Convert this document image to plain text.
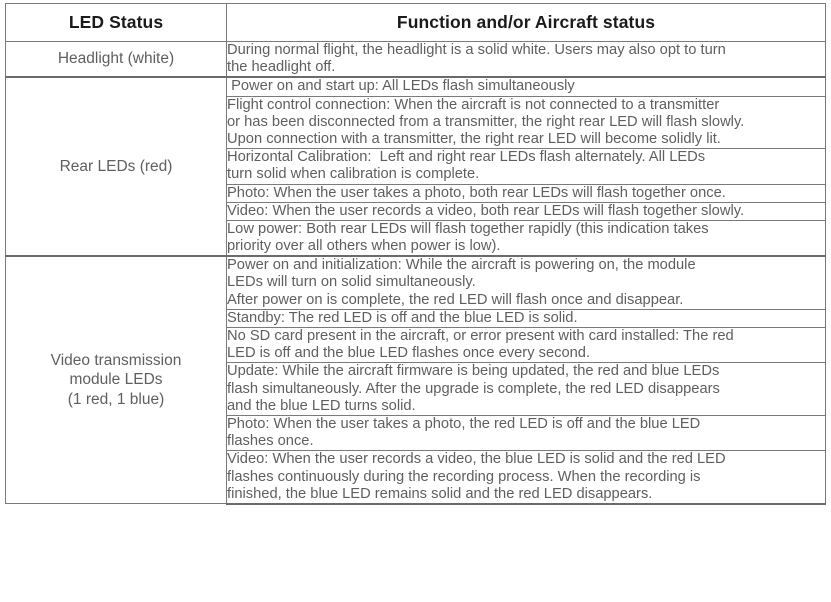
LED Status	Function and/or Aircraft status

Headlight (white)	During normal flight, the headlight is a solid white. Users may also opt to turn
the headlight off.

Rear LEDs (red)	Power on and start up: All LEDs flash simultaneously

	Flight control connection: When the aircraft is not connected to a transmitter
or has been disconnected from a transmitter, the right rear LED will flash slowly.
Upon connection with a transmitter, the right rear LED will become solidly lit.

	Horizontal Calibration:  Left and right rear LEDs flash alternately. All LEDs
turn solid when calibration is complete.

	Photo: When the user takes a photo, both rear LEDs will flash together once.

	Video: When the user records a video, both rear LEDs will flash together slowly.

	Low power: Both rear LEDs will flash together rapidly (this indication takes
priority over all others when power is low).

Video transmission
module LEDs
(1 red, 1 blue)	Power on and initialization: While the aircraft is powering on, the module
LEDs will turn on solid simultaneously.
After power on is complete, the red LED will flash once and disappear.

	Standby: The red LED is off and the blue LED is solid.

	No SD card present in the aircraft, or error present with card installed: The red
LED is off and the blue LED flashes once every second.

	Update: While the aircraft firmware is being updated, the red and blue LEDs
flash simultaneously. After the upgrade is complete, the red LED disappears
and the blue LED turns solid.

	Photo: When the user takes a photo, the red LED is off and the blue LED
flashes once.

	Video: When the user records a video, the blue LED is solid and the red LED
flashes continuously during the recording process. When the recording is
finished, the blue LED remains solid and the red LED disappears.
